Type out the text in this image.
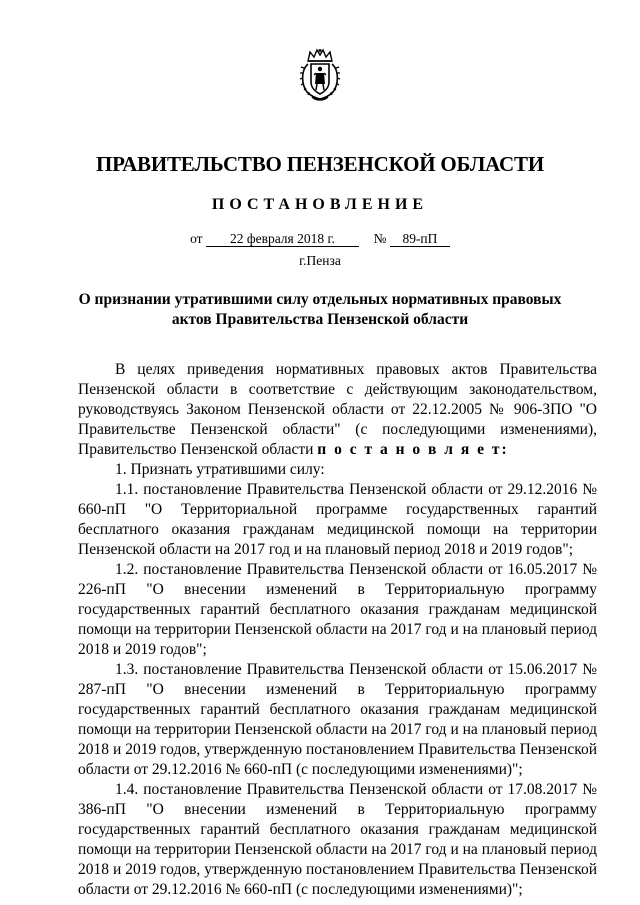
ПРАВИТЕЛЬСТВО ПЕНЗЕНСКОЙ ОБЛАСТИ
ПОСТАНОВЛЕНИЕ
от 22 февраля 2018 г.	№ 89-пП
г.Пенза
О признании утратившими силу отдельных нормативных правовых актов Правительства Пензенской области

В целях приведения нормативных правовых актов Правительства Пензенской области в соответствие с действующим законодательством, руководствуясь Законом Пензенской области от 22.12.2005 № 906-ЗПО "О Правительстве Пензенской области" (с последующими изменениями), Правительство Пензенской области п о с т а н о в л я е т:

1. Признать утратившими силу:

1.1. постановление Правительства Пензенской области от 29.12.2016 № 660-пП "О Территориальной программе государственных гарантий бесплатного оказания гражданам медицинской помощи на территории Пензенской области на 2017 год и на плановый период 2018 и 2019 годов";

1.2. постановление Правительства Пензенской области от 16.05.2017 № 226-пП "О внесении изменений в Территориальную программу государственных гарантий бесплатного оказания гражданам медицинской помощи на территории Пензенской области на 2017 год и на плановый период 2018 и 2019 годов";

1.3. постановление Правительства Пензенской области от 15.06.2017 № 287-пП "О внесении изменений в Территориальную программу государственных гарантий бесплатного оказания гражданам медицинской помощи на территории Пензенской области на 2017 год и на плановый период 2018 и 2019 годов, утвержденную постановлением Правительства Пензенской области от 29.12.2016 № 660-пП (с последующими изменениями)";

1.4. постановление Правительства Пензенской области от 17.08.2017 № 386-пП "О внесении изменений в Территориальную программу государственных гарантий бесплатного оказания гражданам медицинской помощи на территории Пензенской области на 2017 год и на плановый период 2018 и 2019 годов, утвержденную постановлением Правительства Пензенской области от 29.12.2016 № 660-пП (с последующими изменениями)";
